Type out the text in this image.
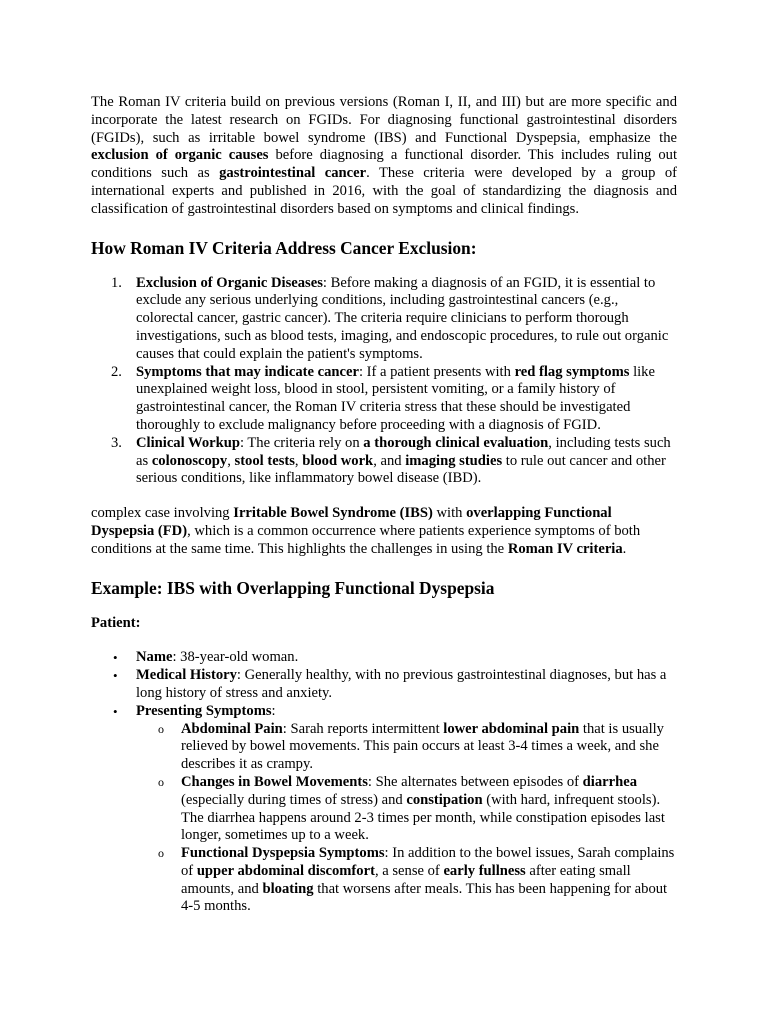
The Roman IV criteria build on previous versions (Roman I, II, and III) but are more specific and incorporate the latest research on FGIDs. For diagnosing functional gastrointestinal disorders (FGIDs), such as irritable bowel syndrome (IBS) and Functional Dyspepsia, emphasize the exclusion of organic causes before diagnosing a functional disorder. This includes ruling out conditions such as gastrointestinal cancer. These criteria were developed by a group of international experts and published in 2016, with the goal of standardizing the diagnosis and classification of gastrointestinal disorders based on symptoms and clinical findings.

How Roman IV Criteria Address Cancer Exclusion:
1. Exclusion of Organic Diseases: Before making a diagnosis of an FGID, it is essential to exclude any serious underlying conditions, including gastrointestinal cancers (e.g., colorectal cancer, gastric cancer). The criteria require clinicians to perform thorough investigations, such as blood tests, imaging, and endoscopic procedures, to rule out organic causes that could explain the patient's symptoms.
2. Symptoms that may indicate cancer: If a patient presents with red flag symptoms like unexplained weight loss, blood in stool, persistent vomiting, or a family history of gastrointestinal cancer, the Roman IV criteria stress that these should be investigated thoroughly to exclude malignancy before proceeding with a diagnosis of FGID.
3. Clinical Workup: The criteria rely on a thorough clinical evaluation, including tests such as colonoscopy, stool tests, blood work, and imaging studies to rule out cancer and other serious conditions, like inflammatory bowel disease (IBD).

complex case involving Irritable Bowel Syndrome (IBS) with overlapping Functional Dyspepsia (FD), which is a common occurrence where patients experience symptoms of both conditions at the same time. This highlights the challenges in using the Roman IV criteria.

Example: IBS with Overlapping Functional Dyspepsia

Patient:

• Name: 38-year-old woman.
• Medical History: Generally healthy, with no previous gastrointestinal diagnoses, but has a long history of stress and anxiety.
• Presenting Symptoms:
o Abdominal Pain: Sarah reports intermittent lower abdominal pain that is usually relieved by bowel movements. This pain occurs at least 3-4 times a week, and she describes it as crampy.
o Changes in Bowel Movements: She alternates between episodes of diarrhea (especially during times of stress) and constipation (with hard, infrequent stools). The diarrhea happens around 2-3 times per month, while constipation episodes last longer, sometimes up to a week.
o Functional Dyspepsia Symptoms: In addition to the bowel issues, Sarah complains of upper abdominal discomfort, a sense of early fullness after eating small amounts, and bloating that worsens after meals. This has been happening for about 4-5 months.
